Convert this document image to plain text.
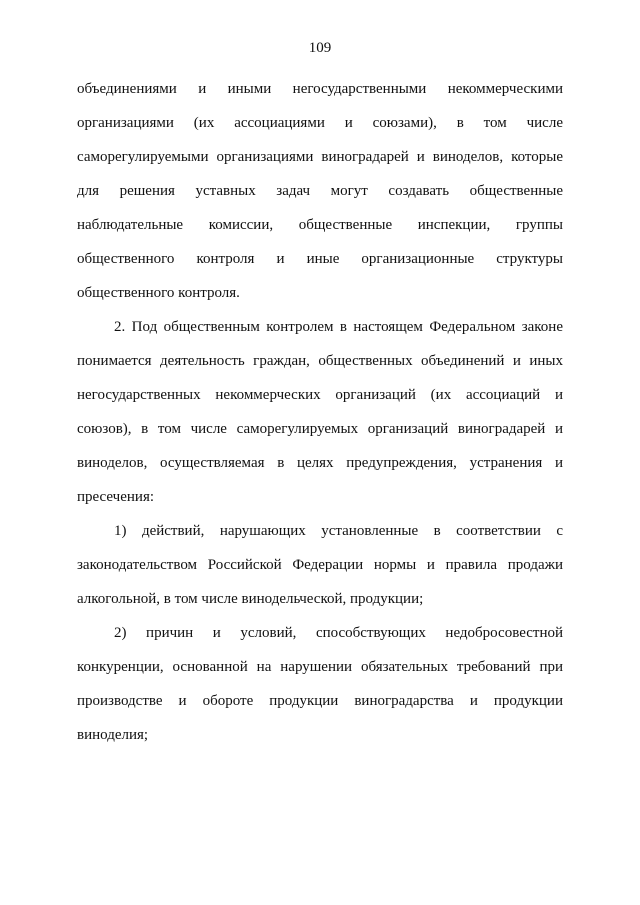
109

объединениями и иными негосударственными некоммерческими организациями (их ассоциациями и союзами), в том числе саморегулируемыми организациями виноградарей и виноделов, которые для решения уставных задач могут создавать общественные наблюдательные комиссии, общественные инспекции, группы общественного контроля и иные организационные структуры общественного контроля.

2. Под общественным контролем в настоящем Федеральном законе понимается деятельность граждан, общественных объединений и иных негосударственных некоммерческих организаций (их ассоциаций и союзов), в том числе саморегулируемых организаций виноградарей и виноделов, осуществляемая в целях предупреждения, устранения и пресечения:

1) действий, нарушающих установленные в соответствии с законодательством Российской Федерации нормы и правила продажи алкогольной, в том числе винодельческой, продукции;

2) причин и условий, способствующих недобросовестной конкуренции, основанной на нарушении обязательных требований при производстве и обороте продукции виноградарства и продукции виноделия;
